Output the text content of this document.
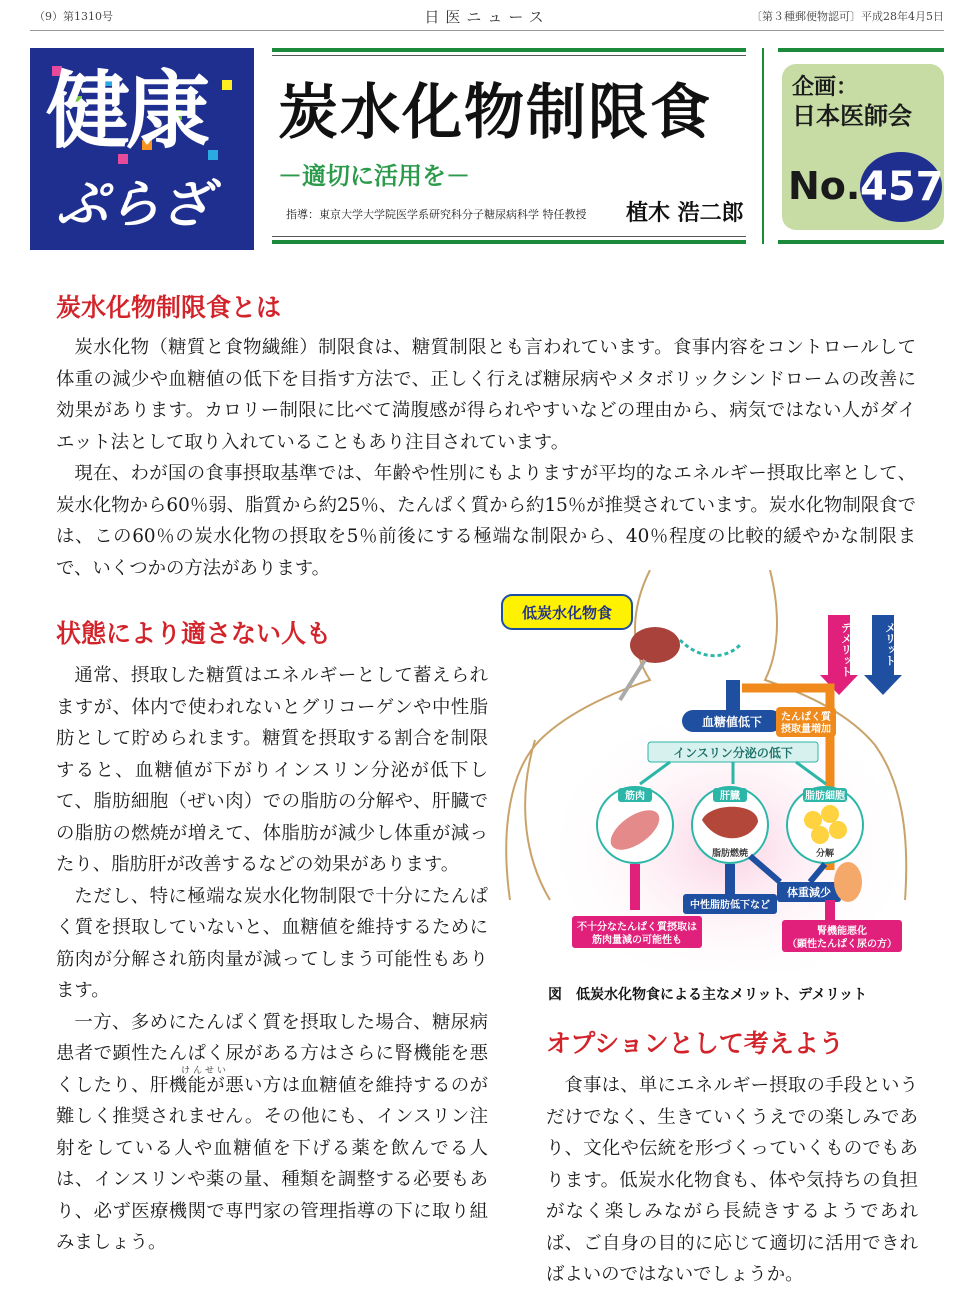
（9）第1310号	日医ニュース	〔第３種郵便物認可〕平成28年4月5日
健康
ぷらざ
炭水化物制限食
－適切に活用を－
指導：東京大学大学院医学系研究科分子糖尿病科学 特任教授 植木 浩二郎
企画：
日本医師会
No. 457
炭水化物制限食とは

炭水化物（糖質と食物繊維）制限食は、糖質制限とも言われています。食事内容をコントロールして体重の減少や血糖値の低下を目指す方法で、正しく行えば糖尿病やメタボリックシンドロームの改善に効果があります。カロリー制限に比べて満腹感が得られやすいなどの理由から、病気ではない人がダイエット法として取り入れていることもあり注目されています。

現在、わが国の食事摂取基準では、年齢や性別にもよりますが平均的なエネルギー摂取比率として、炭水化物から60％弱、脂質から約25％、たんぱく質から約15％が推奨されています。炭水化物制限食では、この60％の炭水化物の摂取を5％前後にする極端な制限から、40％程度の比較的緩やかな制限まで、いくつかの方法があります。

状態により適さない人も

通常、摂取した糖質はエネルギーとして蓄えられますが、体内で使われないとグリコーゲンや中性脂肪として貯められます。糖質を摂取する割合を制限すると、血糖値が下がりインスリン分泌が低下して、脂肪細胞（ぜい肉）での脂肪の分解や、肝臓での脂肪の燃焼が増えて、体脂肪が減少し体重が減ったり、脂肪肝が改善するなどの効果があります。

ただし、特に極端な炭水化物制限で十分にたんぱく質を摂取していないと、血糖値を維持するために筋肉が分解され筋肉量が減ってしまう可能性もあります。

一方、多めにたんぱく質を摂取した場合、糖尿病患者で顕性たんぱく尿がある方はさらに腎機能を悪くしたり、肝機能が悪い方は血糖値を維持するのが難しく推奨されません。その他にも、インスリン注射をしている人や血糖値を下げる薬を飲んでる人は、インスリンや薬の量、種類を調整する必要もあり、必ず医療機関で専門家の管理指導の下に取り組みましょう。

けんせい
低炭水化物食
デメリット	メリット
血糖値低下 たんぱく質
摂取量増加
インスリン分泌の低下
筋肉	肝臓
脂肪燃焼
脂肪細胞
分解
中性脂肪低下など
体重減少
不十分なたんぱく質摂取は
筋肉量減の可能性も
腎機能悪化
（顕性たんぱく尿の方）
図　低炭水化物食による主なメリット、デメリット
オプションとして考えよう

食事は、単にエネルギー摂取の手段というだけでなく、生きていくうえでの楽しみであり、文化や伝統を形づくっていくものでもあります。低炭水化物食も、体や気持ちの負担がなく楽しみながら長続きするようであれば、ご自身の目的に応じて適切に活用できればよいのではないでしょうか。
